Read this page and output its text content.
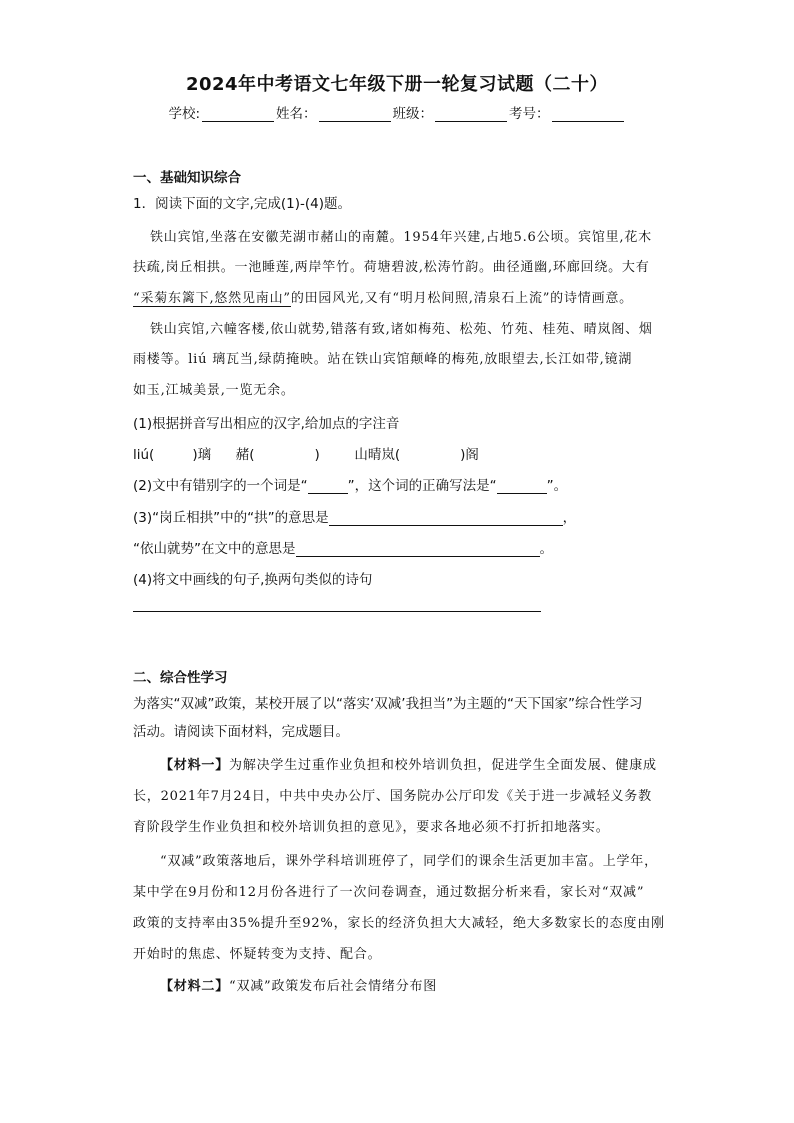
2024年中考语文七年级下册一轮复习试题（二十）
学校:	姓名：	班级：	考号：
一、基础知识综合
1．阅读下面的文字,完成(1)-(4)题。
铁山宾馆,坐落在安徽芜湖市赭山的南麓。1954年兴建,占地5.6公顷。宾馆里,花木
扶疏,岗丘相拱。一池睡莲,两岸竿竹。荷塘碧波,松涛竹韵。曲径通幽,环廊回绕。大有
“采菊东篱下,悠然见南山”的田园风光,又有“明月松间照,清泉石上流”的诗情画意。
铁山宾馆,六幢客楼,依山就势,错落有致,诸如梅苑、松苑、竹苑、桂苑、晴岚阁、烟
雨楼等。liú 璃瓦当,绿荫掩映。站在铁山宾馆颠峰的梅苑,放眼望去,长江如带,镜湖
如玉,江城美景,一览无余。
(1)根据拼音写出相应的汉字,给加点的字注音
liú(	)璃 赭(	)	山晴岚(	)阁
(2)文中有错别字的一个词是“	”，这个词的正确写法是“	”。
(3)“岗丘相拱”中的“拱”的意思是	，
“依山就势”在文中的意思是	。
(4)将文中画线的句子,换两句类似的诗句
二、综合性学习
为落实“双减”政策，某校开展了以“落实‘双减’我担当”为主题的“天下国家”综合性学习
活动。请阅读下面材料，完成题目。
【材料一】为解决学生过重作业负担和校外培训负担，促进学生全面发展、健康成
长，2021年7月24日，中共中央办公厅、国务院办公厅印发《关于进一步减轻义务教
育阶段学生作业负担和校外培训负担的意见》，要求各地必须不打折扣地落实。
“双减”政策落地后，课外学科培训班停了，同学们的课余生活更加丰富。上学年，
某中学在9月份和12月份各进行了一次问卷调查，通过数据分析来看，家长对“双减”
政策的支持率由35%提升至92%，家长的经济负担大大减轻，绝大多数家长的态度由刚
开始时的焦虑、怀疑转变为支持、配合。
【材料二】“双减”政策发布后社会情绪分布图
